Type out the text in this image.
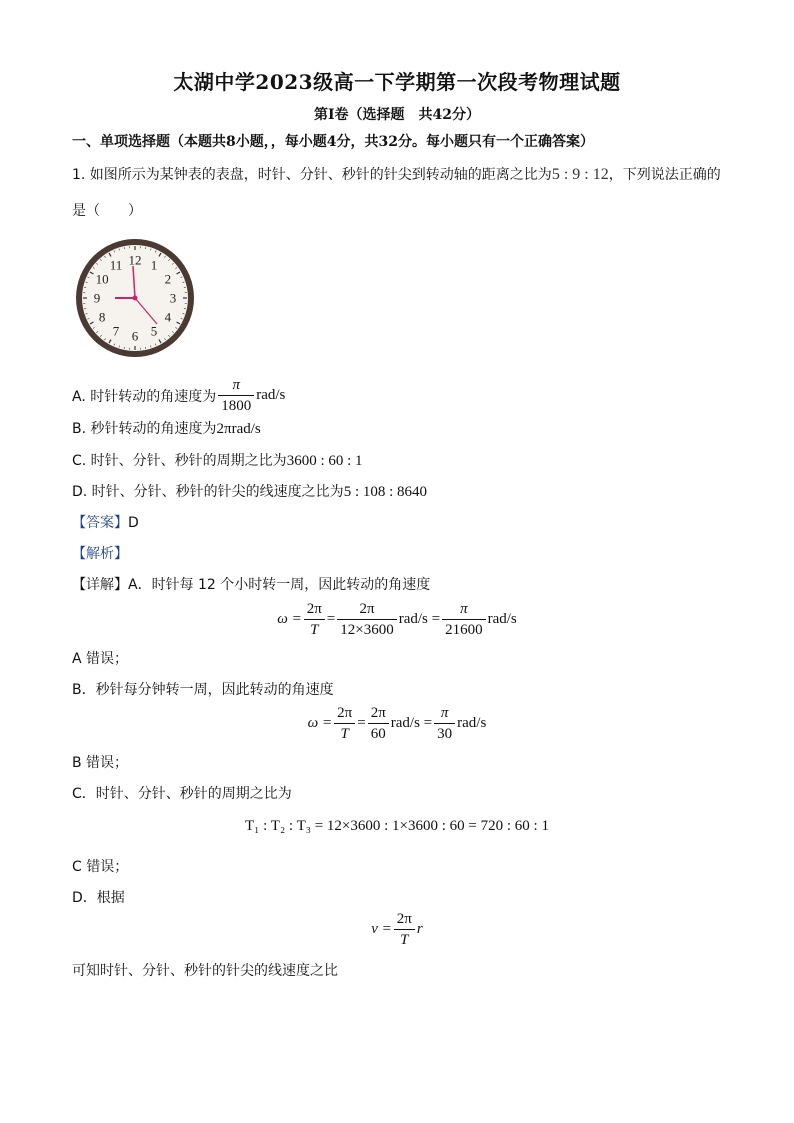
太湖中学2023级高一下学期第一次段考物理试题
第Ⅰ卷（选择题　共42分）
一、单项选择题（本题共8小题，，每小题4分，共32分。每小题只有一个正确答案）
1. 如图所示为某钟表的表盘，时针、分针、秒针的针尖到转动轴的距离之比为5 : 9 : 12，下列说法正确的
是（　　）
12 1
2
3
4
5
6
7
8
9
10
11
A. 时针转动的角速度为 $\frac{\pi}{1800} rad/s$
B. 秒针转动的角速度为2πrad/s
C. 时针、分针、秒针的周期之比为3600 : 60 : 1
D. 时针、分针、秒针的针尖的线速度之比为5 : 108 : 8640
【答案】D
【解析】
【详解】A．时针每 12 个小时转一周，因此转动的角速度
$\omega = \frac{2\pi}{T} = \frac{2\pi}{12\times 3600} rad/s = \frac{\pi}{21600} rad/s$
A 错误；
B．秒针每分钟转一周，因此转动的角速度
$\omega = \frac{2\pi}{T} = \frac{2\pi}{60} rad/s = \frac{\pi}{30} rad/s$
B 错误；
C．时针、分针、秒针的周期之比为
T₁ : T₂ : T₃ = 12×3600 : 1×3600 : 60 = 720 : 60 : 1
C 错误；
D．根据
$v = \frac{2\pi}{T}$ r
可知时针、分针、秒针的针尖的线速度之比
